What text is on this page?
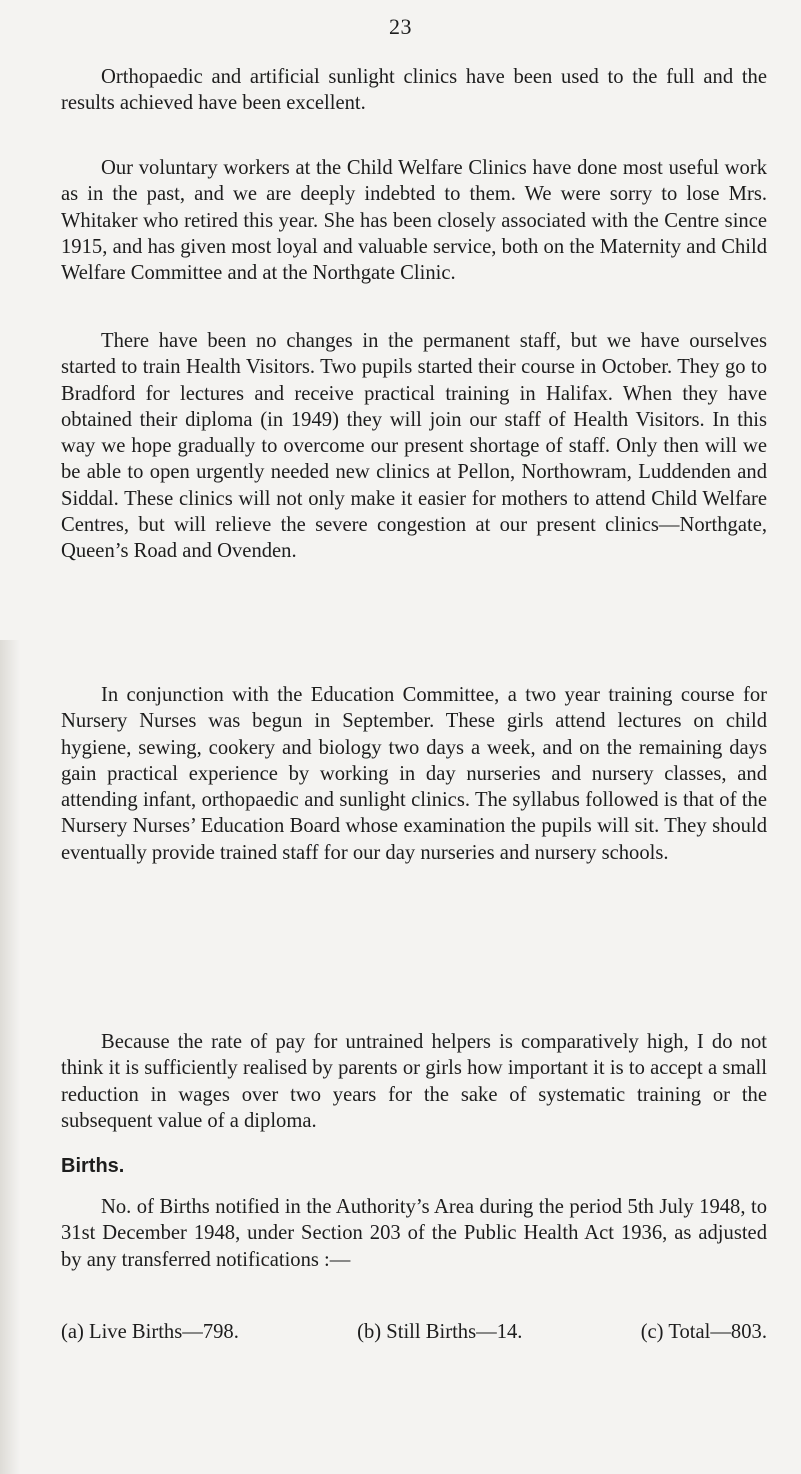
23

Orthopaedic and artificial sunlight clinics have been used to the full and the results achieved have been excellent.

Our voluntary workers at the Child Welfare Clinics have done most useful work as in the past, and we are deeply indebted to them. We were sorry to lose Mrs. Whitaker who retired this year. She has been closely associated with the Centre since 1915, and has given most loyal and valuable service, both on the Maternity and Child Welfare Committee and at the Northgate Clinic.

There have been no changes in the permanent staff, but we have ourselves started to train Health Visitors. Two pupils started their course in October. They go to Bradford for lectures and receive practical training in Halifax. When they have obtained their diploma (in 1949) they will join our staff of Health Visitors. In this way we hope gradually to overcome our present shortage of staff. Only then will we be able to open urgently needed new clinics at Pellon, Northowram, Luddenden and Siddal. These clinics will not only make it easier for mothers to attend Child Welfare Centres, but will relieve the severe congestion at our present clinics—Northgate, Queen’s Road and Ovenden.

In conjunction with the Education Committee, a two year training course for Nursery Nurses was begun in September. These girls attend lectures on child hygiene, sewing, cookery and biology two days a week, and on the remaining days gain practical experience by working in day nurseries and nursery classes, and attending infant, orthopaedic and sunlight clinics. The syllabus followed is that of the Nursery Nurses’ Education Board whose examination the pupils will sit. They should eventually provide trained staff for our day nurseries and nursery schools.

Because the rate of pay for untrained helpers is comparatively high, I do not think it is sufficiently realised by parents or girls how important it is to accept a small reduction in wages over two years for the sake of systematic training or the subsequent value of a diploma.

Births.

No. of Births notified in the Authority’s Area during the period 5th July 1948, to 31st December 1948, under Section 203 of the Public Health Act 1936, as adjusted by any transferred notifications :—

(a) Live Births—798.	(b) Still Births—14.	(c) Total—803.
